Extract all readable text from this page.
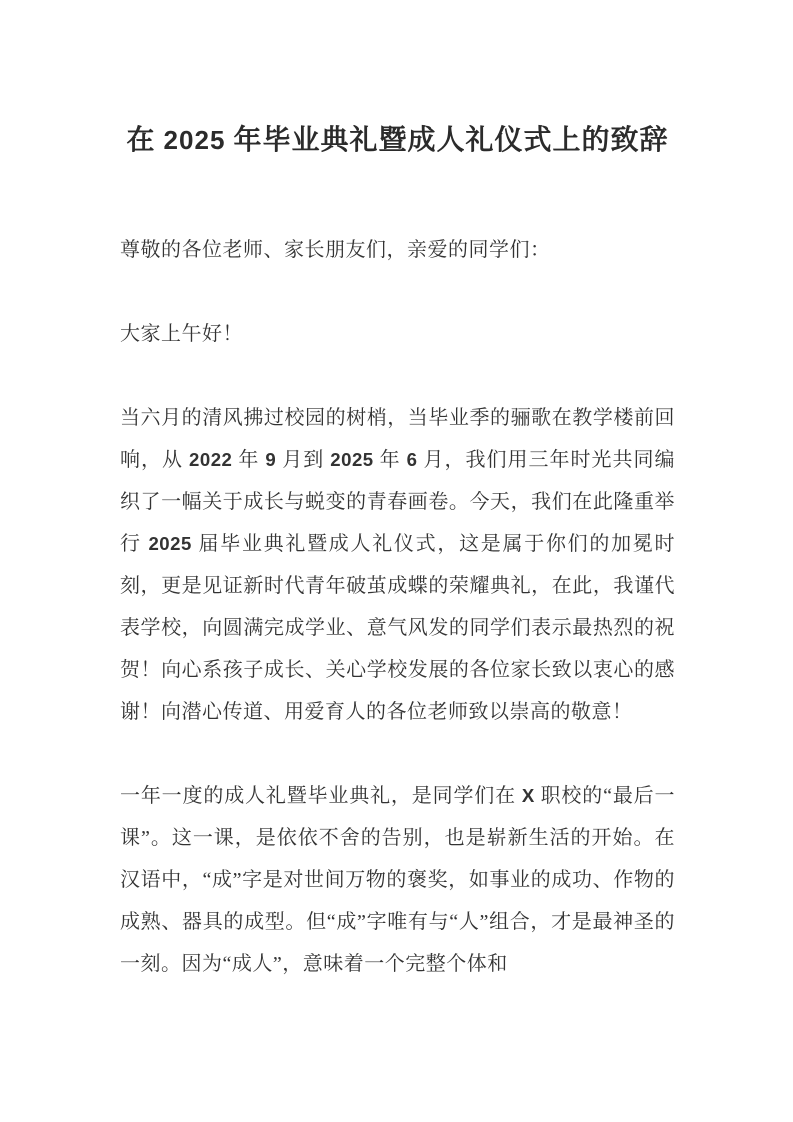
在 2025 年毕业典礼暨成人礼仪式上的致辞

尊敬的各位老师、家长朋友们，亲爱的同学们：

大家上午好！

当六月的清风拂过校园的树梢，当毕业季的骊歌在教学楼前回响，从 2022 年 9 月到 2025 年 6 月，我们用三年时光共同编织了一幅关于成长与蜕变的青春画卷。今天，我们在此隆重举行 2025 届毕业典礼暨成人礼仪式，这是属于你们的加冕时刻，更是见证新时代青年破茧成蝶的荣耀典礼，在此，我谨代表学校，向圆满完成学业、意气风发的同学们表示最热烈的祝贺！向心系孩子成长、关心学校发展的各位家长致以衷心的感谢！向潜心传道、用爱育人的各位老师致以崇高的敬意！

一年一度的成人礼暨毕业典礼，是同学们在 X 职校的“最后一课”。这一课，是依依不舍的告别，也是崭新生活的开始。在汉语中，“成”字是对世间万物的褒奖，如事业的成功、作物的成熟、器具的成型。但“成”字唯有与“人”组合，才是最神圣的一刻。因为“成人”，意味着一个完整个体和
